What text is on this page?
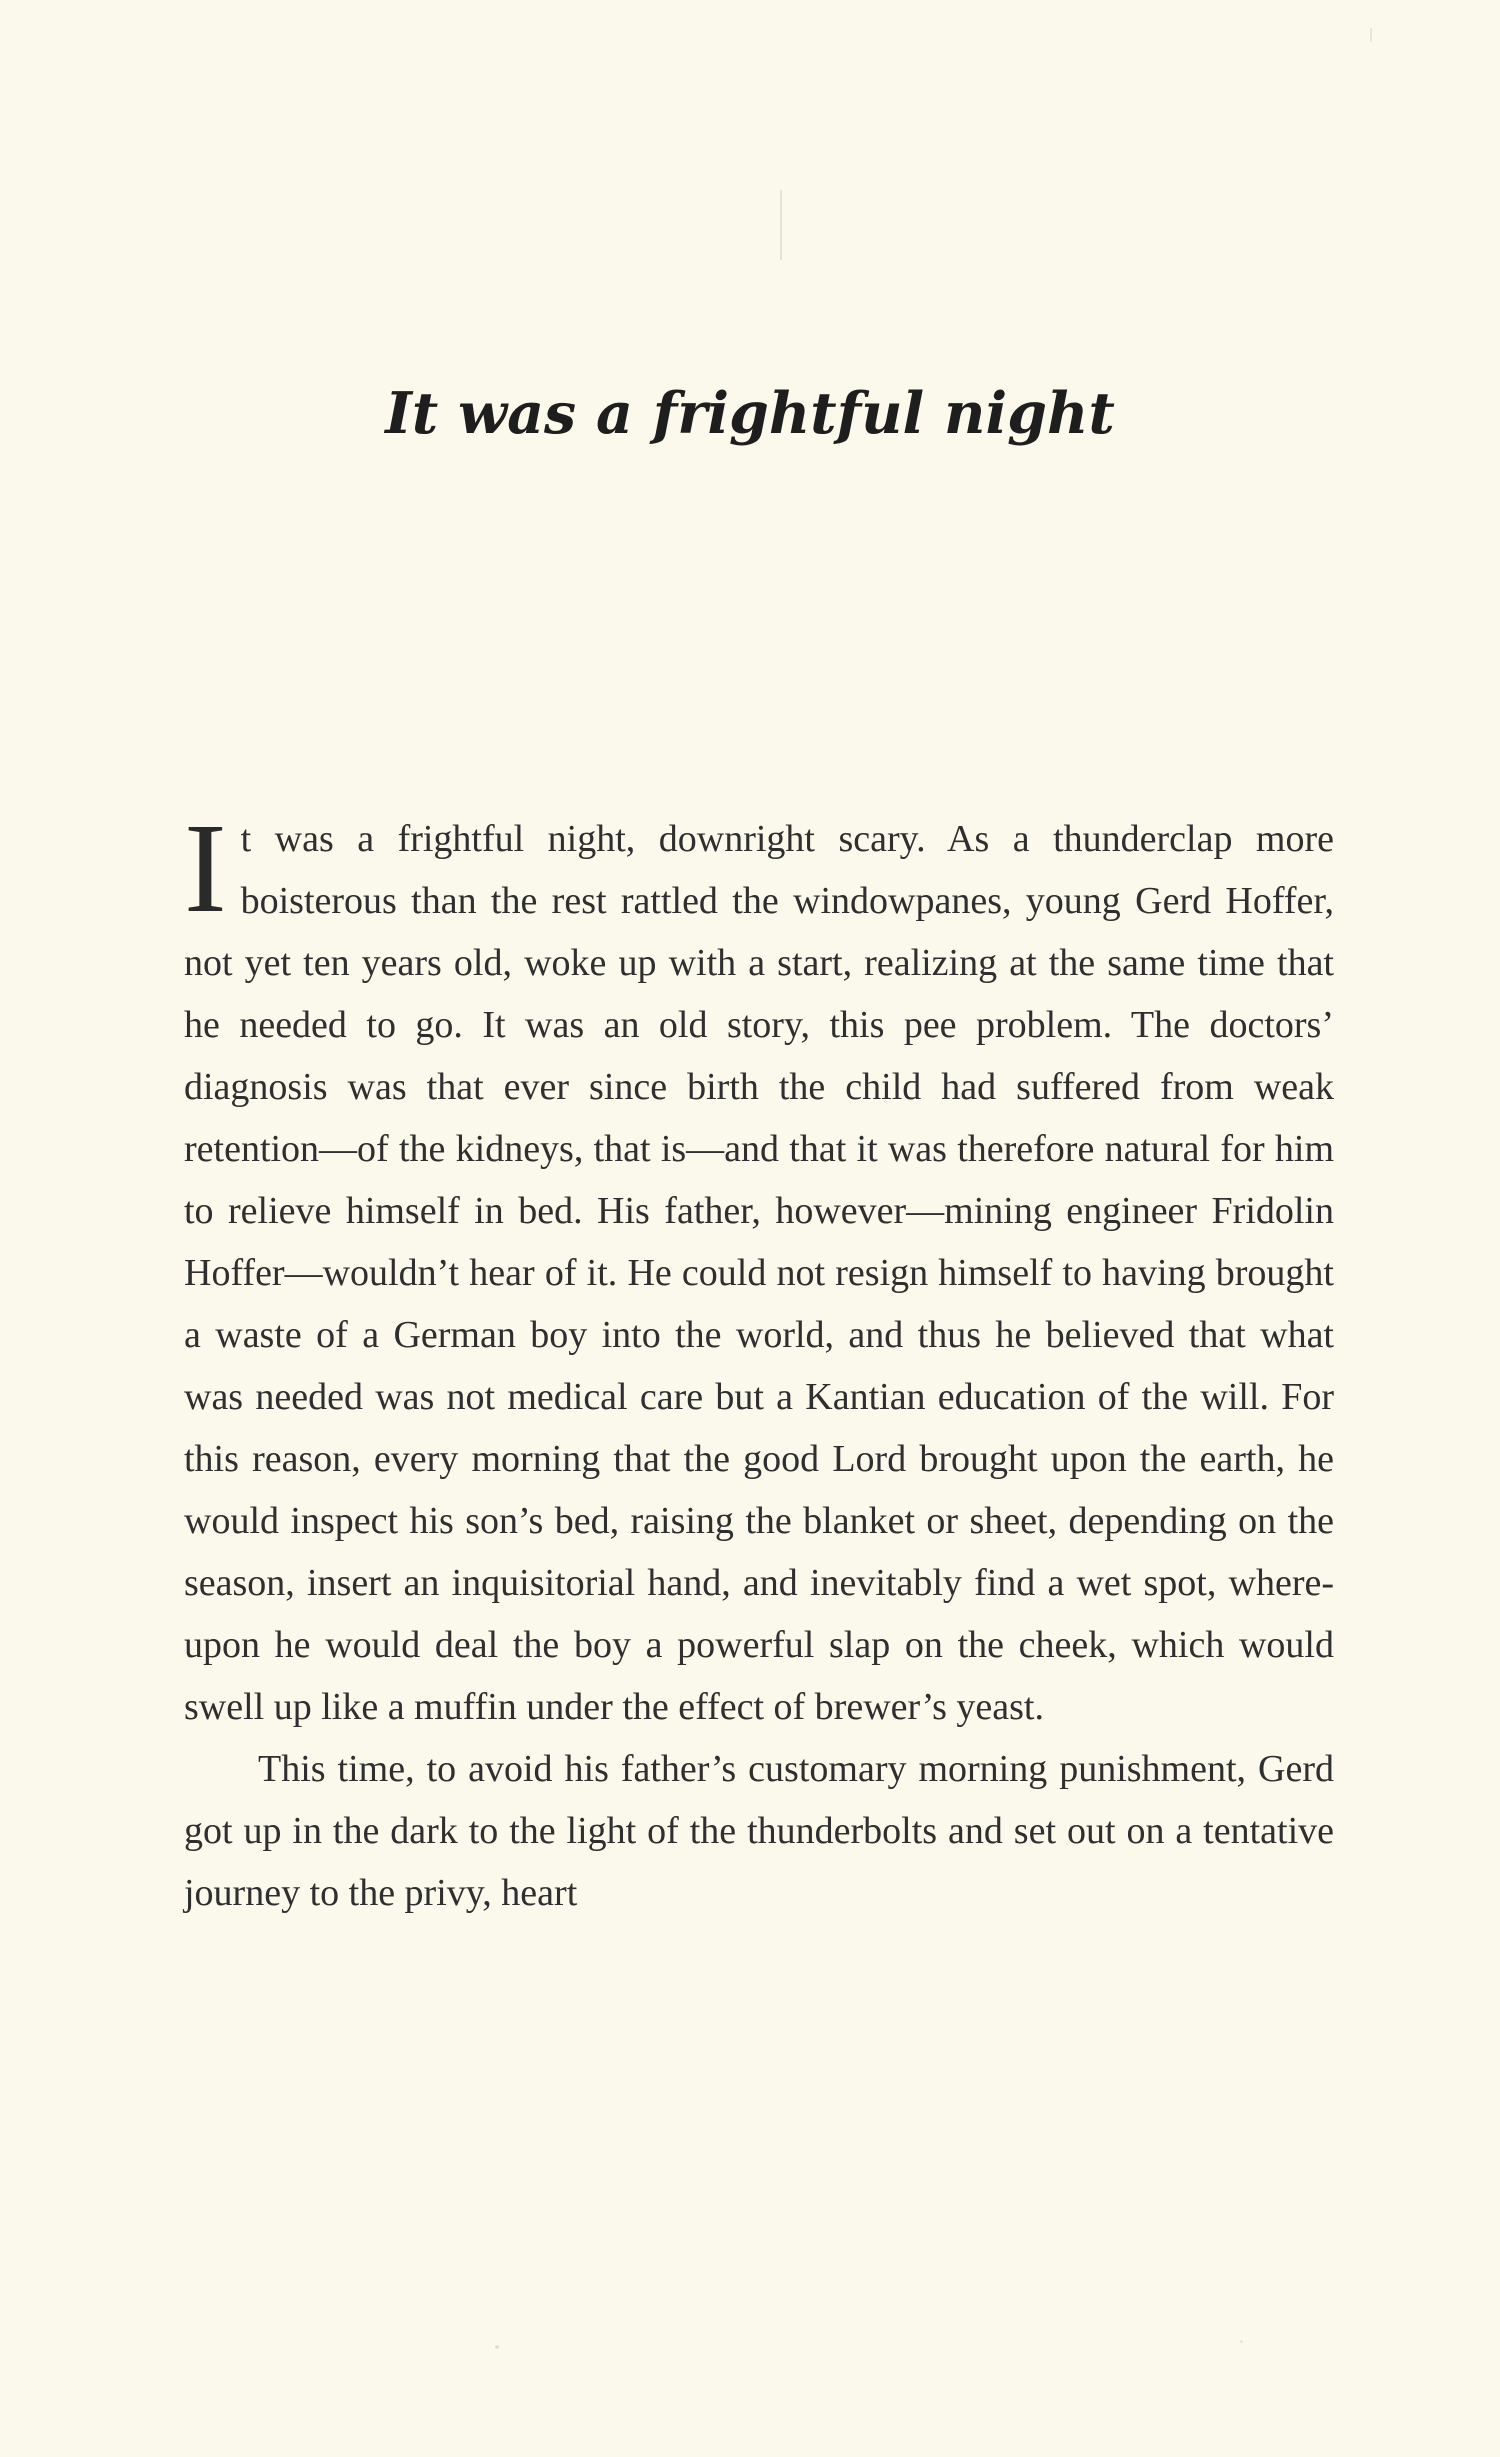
It was a frightful night

It was a frightful night, downright scary. As a thunderclap more boisterous than the rest rattled the windowpanes, young Gerd Hoffer, not yet ten years old, woke up with a start, realizing at the same time that he needed to go. It was an old story, this pee problem. The doctors’ diagnosis was that ever since birth the child had suffered from weak retention—of the kidneys, that is—and that it was therefore natural for him to relieve himself in bed. His father, however—mining engineer Fridolin Hoffer—wouldn’t hear of it. He could not resign himself to having brought a waste of a German boy into the world, and thus he believed that what was needed was not medical care but a Kantian education of the will. For this reason, every morning that the good Lord brought upon the earth, he would inspect his son’s bed, raising the blanket or sheet, depending on the season, insert an inquisitorial hand, and inevitably find a wet spot, whereupon he would deal the boy a powerful slap on the cheek, which would swell up like a muffin under the effect of brewer’s yeast.

This time, to avoid his father’s customary morning punishment, Gerd got up in the dark to the light of the thunderbolts and set out on a tentative journey to the privy, heart
